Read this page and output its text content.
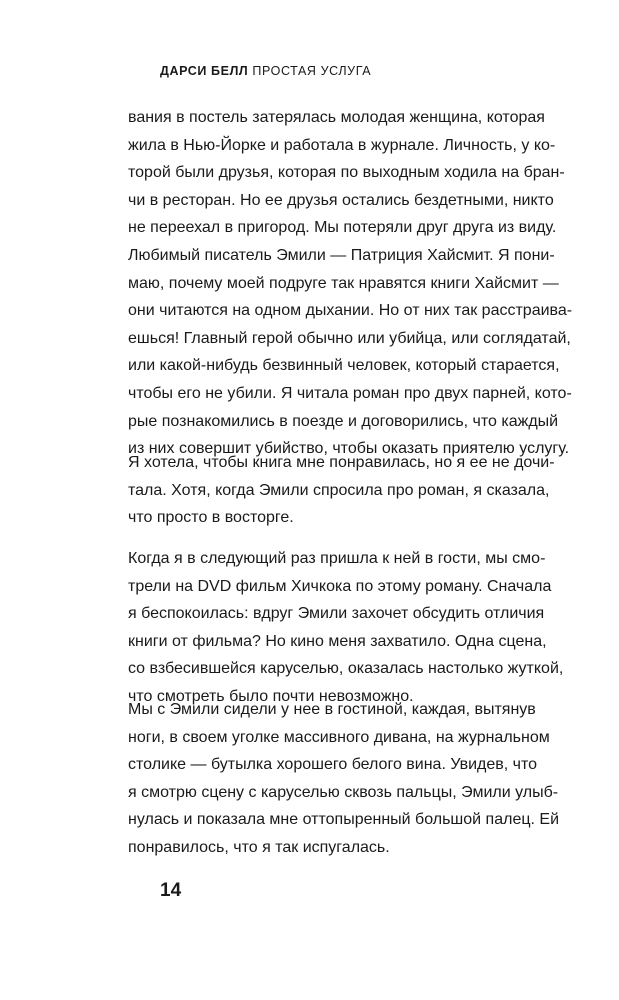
ДАРСИ БЕЛЛ ПРОСТАЯ УСЛУГА

вания в постель затерялась молодая женщина, которая
жила в Нью-Йорке и работала в журнале. Личность, у ко-
торой были друзья, которая по выходным ходила на бран-
чи в ресторан. Но ее друзья остались бездетными, никто
не переехал в пригород. Мы потеряли друг друга из виду.

Любимый писатель Эмили — Патриция Хайсмит. Я пони-
маю, почему моей подруге так нравятся книги Хайсмит —
они читаются на одном дыхании. Но от них так расстраива-
ешься! Главный герой обычно или убийца, или соглядатай,
или какой-нибудь безвинный человек, который старается,
чтобы его не убили. Я читала роман про двух парней, кото-
рые познакомились в поезде и договорились, что каждый
из них совершит убийство, чтобы оказать приятелю услугу.

Я хотела, чтобы книга мне понравилась, но я ее не дочи-
тала. Хотя, когда Эмили спросила про роман, я сказала,
что просто в восторге.

Когда я в следующий раз пришла к ней в гости, мы смо-
трели на DVD фильм Хичкока по этому роману. Сначала
я беспокоилась: вдруг Эмили захочет обсудить отличия
книги от фильма? Но кино меня захватило. Одна сцена,
со взбесившейся каруселью, оказалась настолько жуткой,
что смотреть было почти невозможно.

Мы с Эмили сидели у нее в гостиной, каждая, вытянув
ноги, в своем уголке массивного дивана, на журнальном
столике — бутылка хорошего белого вина. Увидев, что
я смотрю сцену с каруселью сквозь пальцы, Эмили улыб-
нулась и показала мне оттопыренный большой палец. Ей
понравилось, что я так испугалась.

14
